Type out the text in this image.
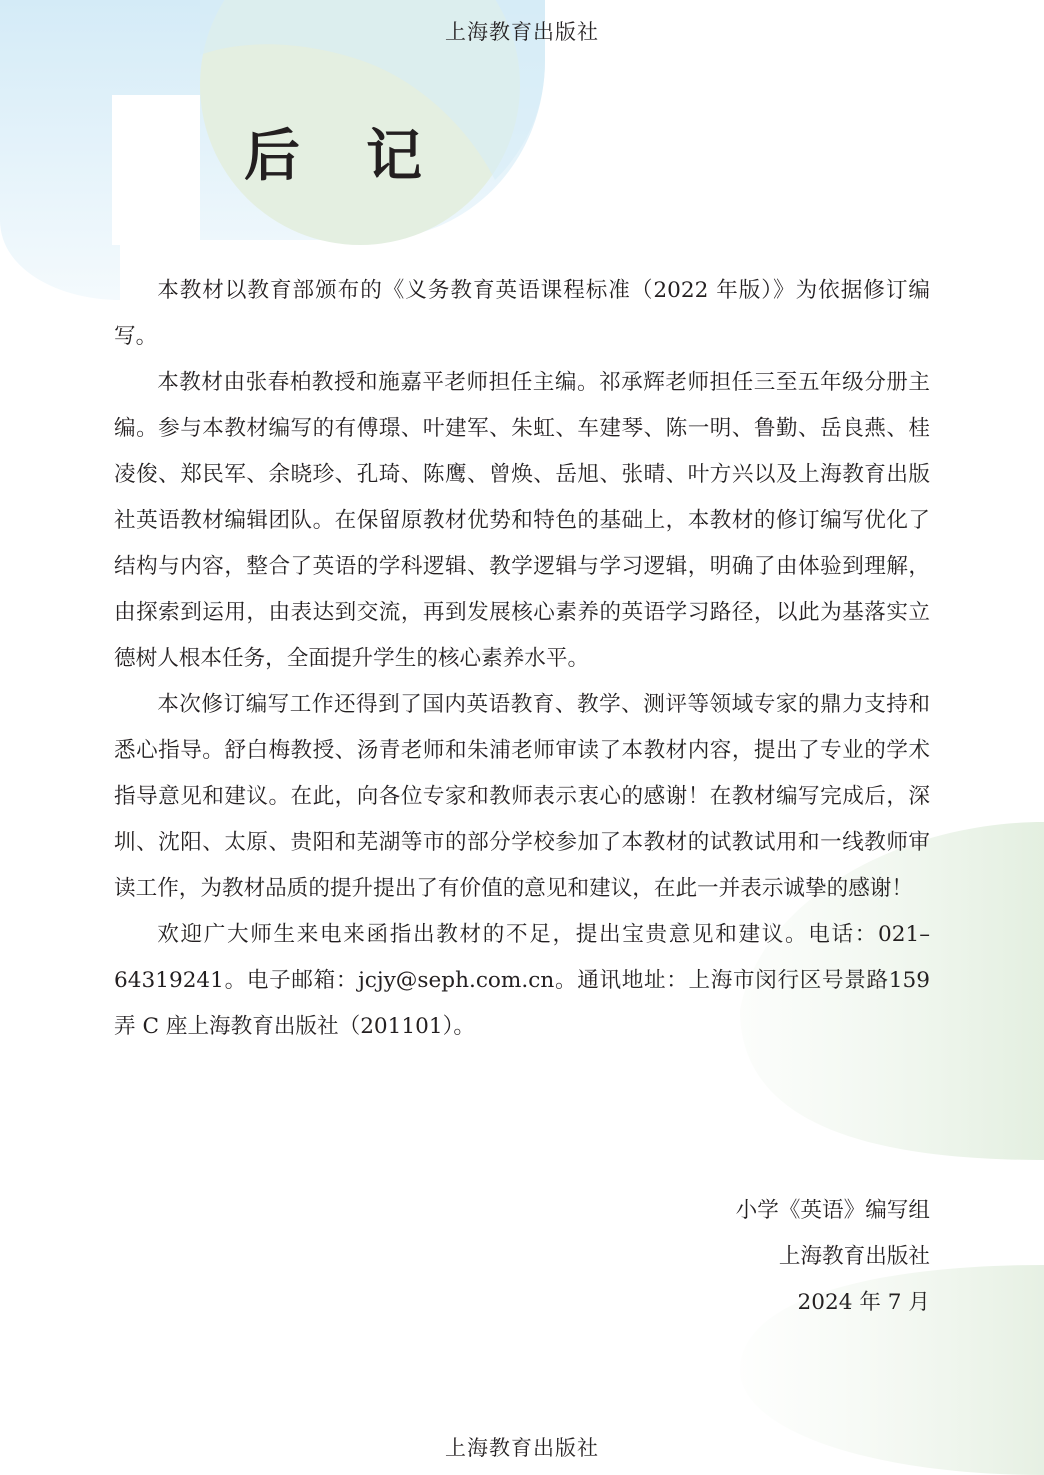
上海教育出版社
后 记

本教材以教育部颁布的《义务教育英语课程标准（2022 年版）》为依据修订编写。

本教材由张春柏教授和施嘉平老师担任主编。祁承辉老师担任三至五年级分册主编。参与本教材编写的有傅璟、叶建军、朱虹、车建琴、陈一明、鲁勤、岳良燕、桂凌俊、郑民军、余晓珍、孔琦、陈鹰、曾焕、岳旭、张晴、叶方兴以及上海教育出版社英语教材编辑团队。在保留原教材优势和特色的基础上，本教材的修订编写优化了结构与内容，整合了英语的学科逻辑、教学逻辑与学习逻辑，明确了由体验到理解，由探索到运用，由表达到交流，再到发展核心素养的英语学习路径，以此为基落实立德树人根本任务，全面提升学生的核心素养水平。

本次修订编写工作还得到了国内英语教育、教学、测评等领域专家的鼎力支持和悉心指导。舒白梅教授、汤青老师和朱浦老师审读了本教材内容，提出了专业的学术指导意见和建议。在此，向各位专家和教师表示衷心的感谢！在教材编写完成后，深圳、沈阳、太原、贵阳和芜湖等市的部分学校参加了本教材的试教试用和一线教师审读工作，为教材品质的提升提出了有价值的意见和建议，在此一并表示诚挚的感谢！

欢迎广大师生来电来函指出教材的不足，提出宝贵意见和建议。电话：021–64319241。电子邮箱：jcjy@seph.com.cn。通讯地址：上海市闵行区号景路159 弄 C 座上海教育出版社（201101）。

小学《英语》编写组
上海教育出版社
2024 年 7 月
上海教育出版社
